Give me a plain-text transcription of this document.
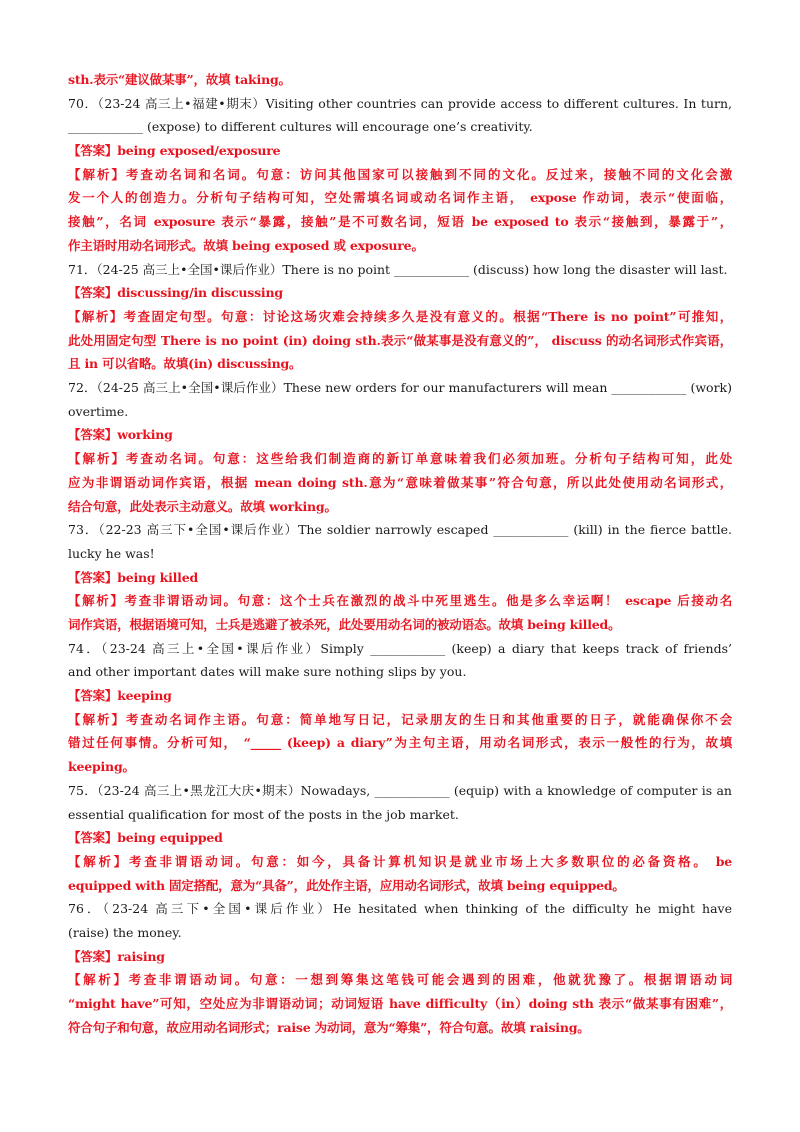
sth.表示“建议做某事”，故填 taking。
70．（23-24 高三上•福建•期末）Visiting other countries can provide access to different cultures. In turn,
____________ (expose) to different cultures will encourage one’s creativity.
【答案】being exposed/exposure
【解析】考查动名词和名词。句意：访问其他国家可以接触到不同的文化。反过来，接触不同的文化会激
发一个人的创造力。分析句子结构可知，空处需填名词或动名词作主语， expose 作动词，表示“使面临，
接触”，名词 exposure 表示“暴露，接触”是不可数名词，短语 be exposed to 表示“接触到，暴露于”，
作主语时用动名词形式。故填 being exposed 或 exposure。
71．（24-25 高三上•全国•课后作业）There is no point ____________ (discuss) how long the disaster will last.
【答案】discussing/in discussing
【解析】考查固定句型。句意：讨论这场灾难会持续多久是没有意义的。根据“There is no point”可推知，
此处用固定句型 There is no point (in) doing sth.表示“做某事是没有意义的”， discuss 的动名词形式作宾语，
且 in 可以省略。故填(in) discussing。
72．（24-25 高三上•全国•课后作业）These new orders for our manufacturers will mean ____________ (work)
overtime.
【答案】working
【解析】考查动名词。句意：这些给我们制造商的新订单意味着我们必须加班。分析句子结构可知，此处
应为非谓语动词作宾语，根据 mean doing sth.意为“意味着做某事”符合句意，所以此处使用动名词形式，
结合句意，此处表示主动意义。故填 working。
73．（22-23 高三下•全国•课后作业）The soldier narrowly escaped ____________ (kill) in the fierce battle.
lucky he was!
【答案】being killed
【解析】考查非谓语动词。句意：这个士兵在激烈的战斗中死里逃生。他是多么幸运啊！ escape 后接动名
词作宾语，根据语境可知，士兵是逃避了被杀死，此处要用动名词的被动语态。故填 being killed。
74．（23-24 高三上•全国•课后作业）Simply ____________ (keep) a diary that keeps track of friends’
and other important dates will make sure nothing slips by you.
【答案】keeping
【解析】考查动名词作主语。句意：简单地写日记，记录朋友的生日和其他重要的日子，就能确保你不会
错过任何事情。分析可知， “_____ (keep) a diary”为主句主语，用动名词形式，表示一般性的行为，故填
keeping。
75．（23-24 高三上•黑龙江大庆•期末）Nowadays, ____________ (equip) with a knowledge of computer is an
essential qualification for most of the posts in the job market.
【答案】being equipped
【解析】考查非谓语动词。句意：如今，具备计算机知识是就业市场上大多数职位的必备资格。 be
equipped with 固定搭配，意为“具备”，此处作主语，应用动名词形式，故填 being equipped。
76．（23-24 高三下•全国•课后作业）He hesitated when thinking of the difficulty he might have
(raise) the money.
【答案】raising
【解析】考查非谓语动词。句意：一想到筹集这笔钱可能会遇到的困难，他就犹豫了。根据谓语动词
“might have”可知，空处应为非谓语动词；动词短语 have difficulty（in）doing sth 表示“做某事有困难”，
符合句子和句意，故应用动名词形式；raise 为动词，意为“筹集”，符合句意。故填 raising。
